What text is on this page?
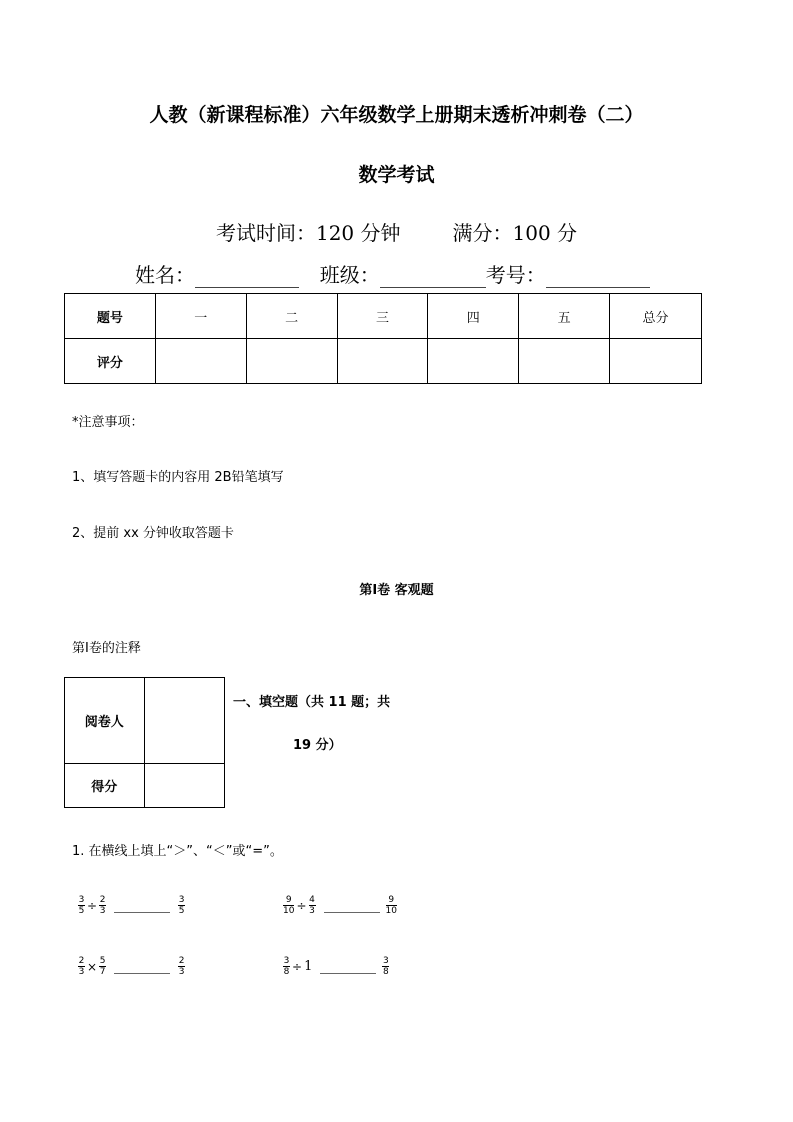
人教（新课程标准）六年级数学上册期末透析冲刺卷（二）
数学考试
考试时间：120 分钟	满分：100 分
姓名：	班级：	考号：
题号	一	二	三	四	五	总分
评分						
*注意事项：
1、填写答题卡的内容用 2B铅笔填写
2、提前 xx 分钟收取答题卡
第Ⅰ卷 客观题
第Ⅰ卷的注释
阅卷人	
得分	
一、填空题（共 11 题；共
19 分）
1. 在横线上填上“＞”、“＜”或“=”。
$\frac{3}{5} \div \frac{2}{3}$	$\frac{3}{5}$	$\frac{9}{10} \div \frac{4}{3}$	$\frac{9}{10}$
$\frac{2}{3} \times \frac{5}{7}$	$\frac{2}{3}$	$\frac{3}{8} \div 1$	$\frac{3}{8}$
